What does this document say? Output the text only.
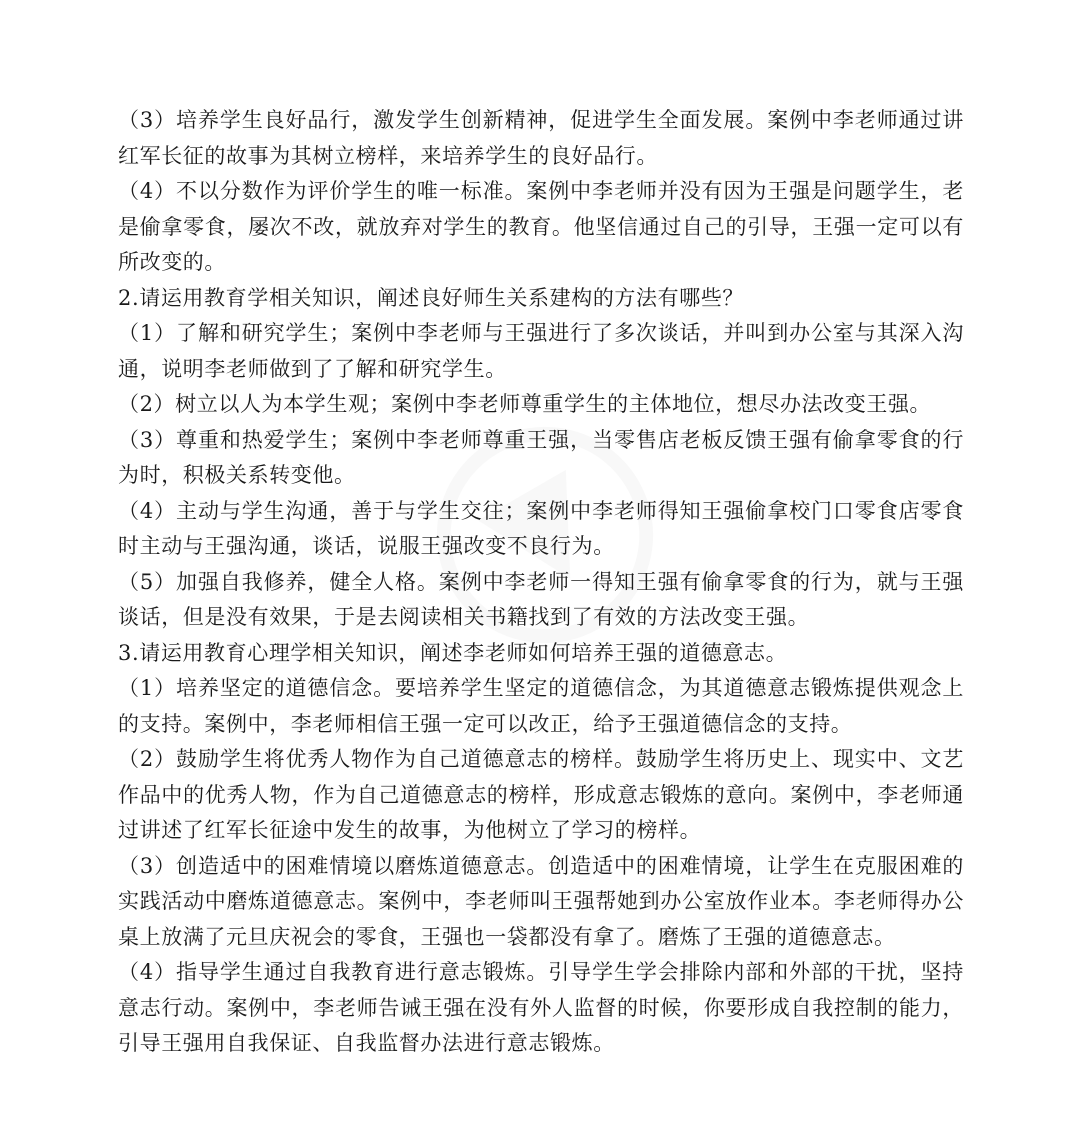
（3）培养学生良好品行，激发学生创新精神，促进学生全面发展。案例中李老师通过讲红军长征的故事为其树立榜样，来培养学生的良好品行。

（4）不以分数作为评价学生的唯一标准。案例中李老师并没有因为王强是问题学生，老是偷拿零食，屡次不改，就放弃对学生的教育。他坚信通过自己的引导，王强一定可以有所改变的。

2.请运用教育学相关知识，阐述良好师生关系建构的方法有哪些？

（1）了解和研究学生；案例中李老师与王强进行了多次谈话，并叫到办公室与其深入沟通，说明李老师做到了了解和研究学生。

（2）树立以人为本学生观；案例中李老师尊重学生的主体地位，想尽办法改变王强。

（3）尊重和热爱学生；案例中李老师尊重王强，当零售店老板反馈王强有偷拿零食的行为时，积极关系转变他。

（4）主动与学生沟通，善于与学生交往；案例中李老师得知王强偷拿校门口零食店零食时主动与王强沟通，谈话，说服王强改变不良行为。

（5）加强自我修养，健全人格。案例中李老师一得知王强有偷拿零食的行为，就与王强谈话，但是没有效果，于是去阅读相关书籍找到了有效的方法改变王强。

3.请运用教育心理学相关知识，阐述李老师如何培养王强的道德意志。

（1）培养坚定的道德信念。要培养学生坚定的道德信念，为其道德意志锻炼提供观念上的支持。案例中，李老师相信王强一定可以改正，给予王强道德信念的支持。

（2）鼓励学生将优秀人物作为自己道德意志的榜样。鼓励学生将历史上、现实中、文艺作品中的优秀人物，作为自己道德意志的榜样，形成意志锻炼的意向。案例中，李老师通过讲述了红军长征途中发生的故事，为他树立了学习的榜样。

（3）创造适中的困难情境以磨炼道德意志。创造适中的困难情境，让学生在克服困难的实践活动中磨炼道德意志。案例中，李老师叫王强帮她到办公室放作业本。李老师得办公桌上放满了元旦庆祝会的零食，王强也一袋都没有拿了。磨炼了王强的道德意志。

（4）指导学生通过自我教育进行意志锻炼。引导学生学会排除内部和外部的干扰，坚持意志行动。案例中，李老师告诫王强在没有外人监督的时候，你要形成自我控制的能力，引导王强用自我保证、自我监督办法进行意志锻炼。
